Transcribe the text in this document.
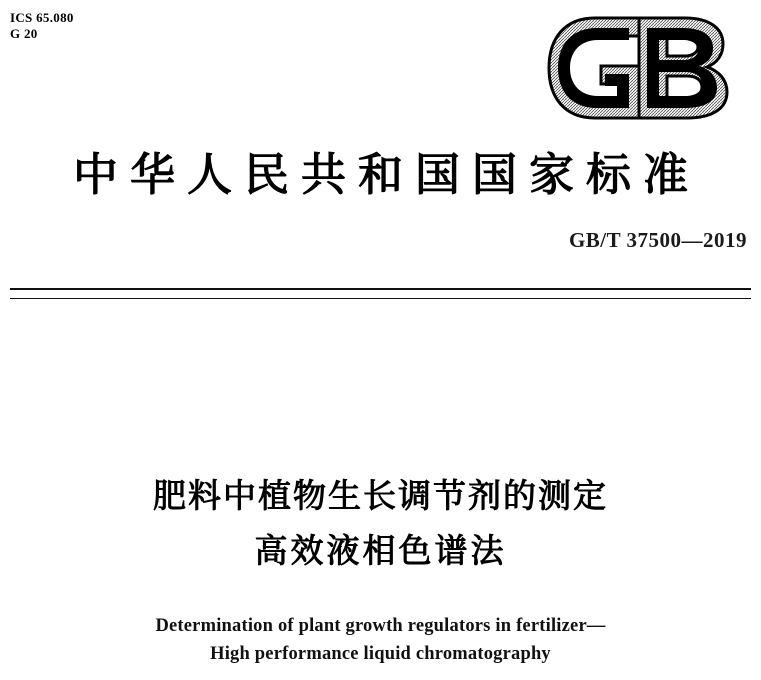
ICS 65.080
G 20
中华人民共和国国家标准
GB/T 37500—2019
肥料中植物生长调节剂的测定
高效液相色谱法
Determination of plant growth regulators in fertilizer—
High performance liquid chromatography
